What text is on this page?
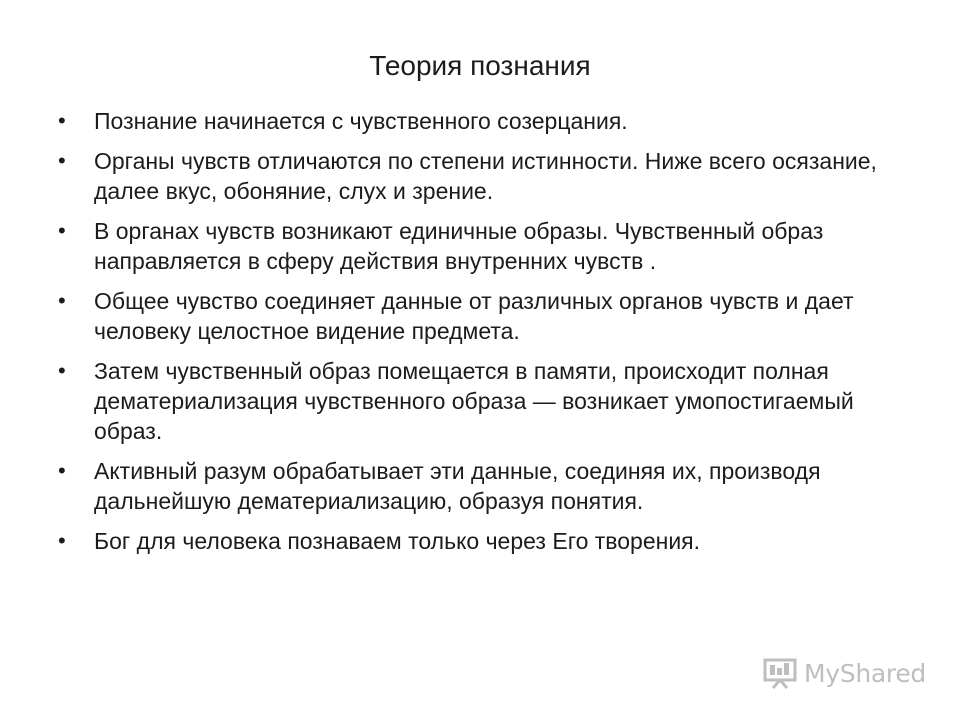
Теория познания
• Познание начинается с чувственного созерцания.
• Органы чувств отличаются по степени истинности. Ниже всего осязание, далее вкус, обоняние, слух и зрение.
• В органах чувств возникают единичные образы. Чувственный образ направляется в сферу действия внутренних чувств .
• Общее чувство соединяет данные от различных органов чувств и дает человеку целостное видение предмета.
• Затем чувственный образ помещается в памяти, происходит полная дематериализация чувственного образа — возникает умопостигаемый образ.
• Активный разум обрабатывает эти данные, соединяя их, производя дальнейшую дематериализацию, образуя понятия.
• Бог для человека познаваем только через Его творения.
MyShared
